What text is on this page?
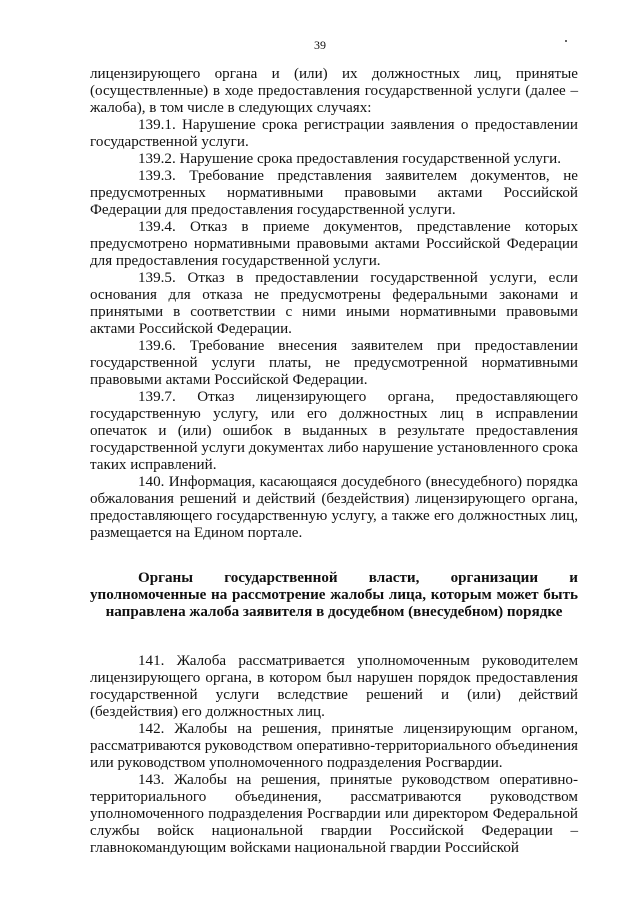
39

лицензирующего органа и (или) их должностных лиц, принятые (осуществленные) в ходе предоставления государственной услуги (далее – жалоба), в том числе в следующих случаях:

139.1. Нарушение срока регистрации заявления о предоставлении государственной услуги.

139.2. Нарушение срока предоставления государственной услуги.

139.3. Требование представления заявителем документов, не предусмотренных нормативными правовыми актами Российской Федерации для предоставления государственной услуги.

139.4. Отказ в приеме документов, представление которых предусмотрено нормативными правовыми актами Российской Федерации для предоставления государственной услуги.

139.5. Отказ в предоставлении государственной услуги, если основания для отказа не предусмотрены федеральными законами и принятыми в соответствии с ними иными нормативными правовыми актами Российской Федерации.

139.6. Требование внесения заявителем при предоставлении государственной услуги платы, не предусмотренной нормативными правовыми актами Российской Федерации.

139.7. Отказ лицензирующего органа, предоставляющего государственную услугу, или его должностных лиц в исправлении опечаток и (или) ошибок в выданных в результате предоставления государственной услуги документах либо нарушение установленного срока таких исправлений.

140. Информация, касающаяся досудебного (внесудебного) порядка обжалования решений и действий (бездействия) лицензирующего органа, предоставляющего государственную услугу, а также его должностных лиц, размещается на Едином портале.

Органы государственной власти, организации и уполномоченные на рассмотрение жалобы лица, которым может быть направлена жалоба заявителя в досудебном (внесудебном) порядке

141. Жалоба рассматривается уполномоченным руководителем лицензирующего органа, в котором был нарушен порядок предоставления государственной услуги вследствие решений и (или) действий (бездействия) его должностных лиц.

142. Жалобы на решения, принятые лицензирующим органом, рассматриваются руководством оперативно-территориального объединения или руководством уполномоченного подразделения Росгвардии.

143. Жалобы на решения, принятые руководством оперативно-территориального объединения, рассматриваются руководством уполномоченного подразделения Росгвардии или директором Федеральной службы войск национальной гвардии Российской Федерации – главнокомандующим войсками национальной гвардии Российской
